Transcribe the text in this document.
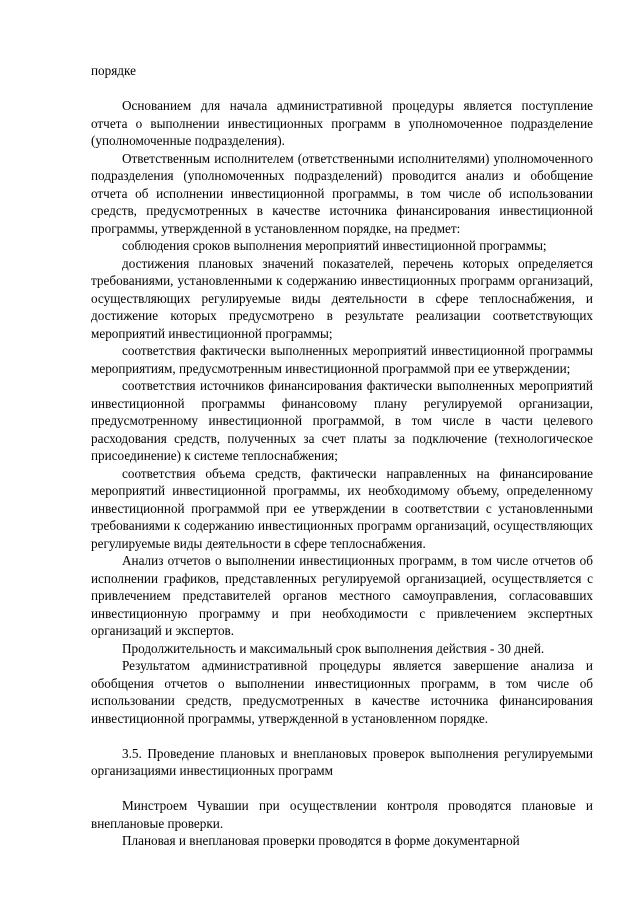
порядке

Основанием для начала административной процедуры является поступление отчета о выполнении инвестиционных программ в уполномоченное подразделение (уполномоченные подразделения).

Ответственным исполнителем (ответственными исполнителями) уполномоченного подразделения (уполномоченных подразделений) проводится анализ и обобщение отчета об исполнении инвестиционной программы, в том числе об использовании средств, предусмотренных в качестве источника финансирования инвестиционной программы, утвержденной в установленном порядке, на предмет:

соблюдения сроков выполнения мероприятий инвестиционной программы;

достижения плановых значений показателей, перечень которых определяется требованиями, установленными к содержанию инвестиционных программ организаций, осуществляющих регулируемые виды деятельности в сфере теплоснабжения, и достижение которых предусмотрено в результате реализации соответствующих мероприятий инвестиционной программы;

соответствия фактически выполненных мероприятий инвестиционной программы мероприятиям, предусмотренным инвестиционной программой при ее утверждении;

соответствия источников финансирования фактически выполненных мероприятий инвестиционной программы финансовому плану регулируемой организации, предусмотренному инвестиционной программой, в том числе в части целевого расходования средств, полученных за счет платы за подключение (технологическое присоединение) к системе теплоснабжения;

соответствия объема средств, фактически направленных на финансирование мероприятий инвестиционной программы, их необходимому объему, определенному инвестиционной программой при ее утверждении в соответствии с установленными требованиями к содержанию инвестиционных программ организаций, осуществляющих регулируемые виды деятельности в сфере теплоснабжения.

Анализ отчетов о выполнении инвестиционных программ, в том числе отчетов об исполнении графиков, представленных регулируемой организацией, осуществляется с привлечением представителей органов местного самоуправления, согласовавших инвестиционную программу и при необходимости с привлечением экспертных организаций и экспертов.

Продолжительность и максимальный срок выполнения действия - 30 дней.

Результатом административной процедуры является завершение анализа и обобщения отчетов о выполнении инвестиционных программ, в том числе об использовании средств, предусмотренных в качестве источника финансирования инвестиционной программы, утвержденной в установленном порядке.

3.5. Проведение плановых и внеплановых проверок выполнения регулируемыми организациями инвестиционных программ

Минстроем Чувашии при осуществлении контроля проводятся плановые и внеплановые проверки.

Плановая и внеплановая проверки проводятся в форме документарной
